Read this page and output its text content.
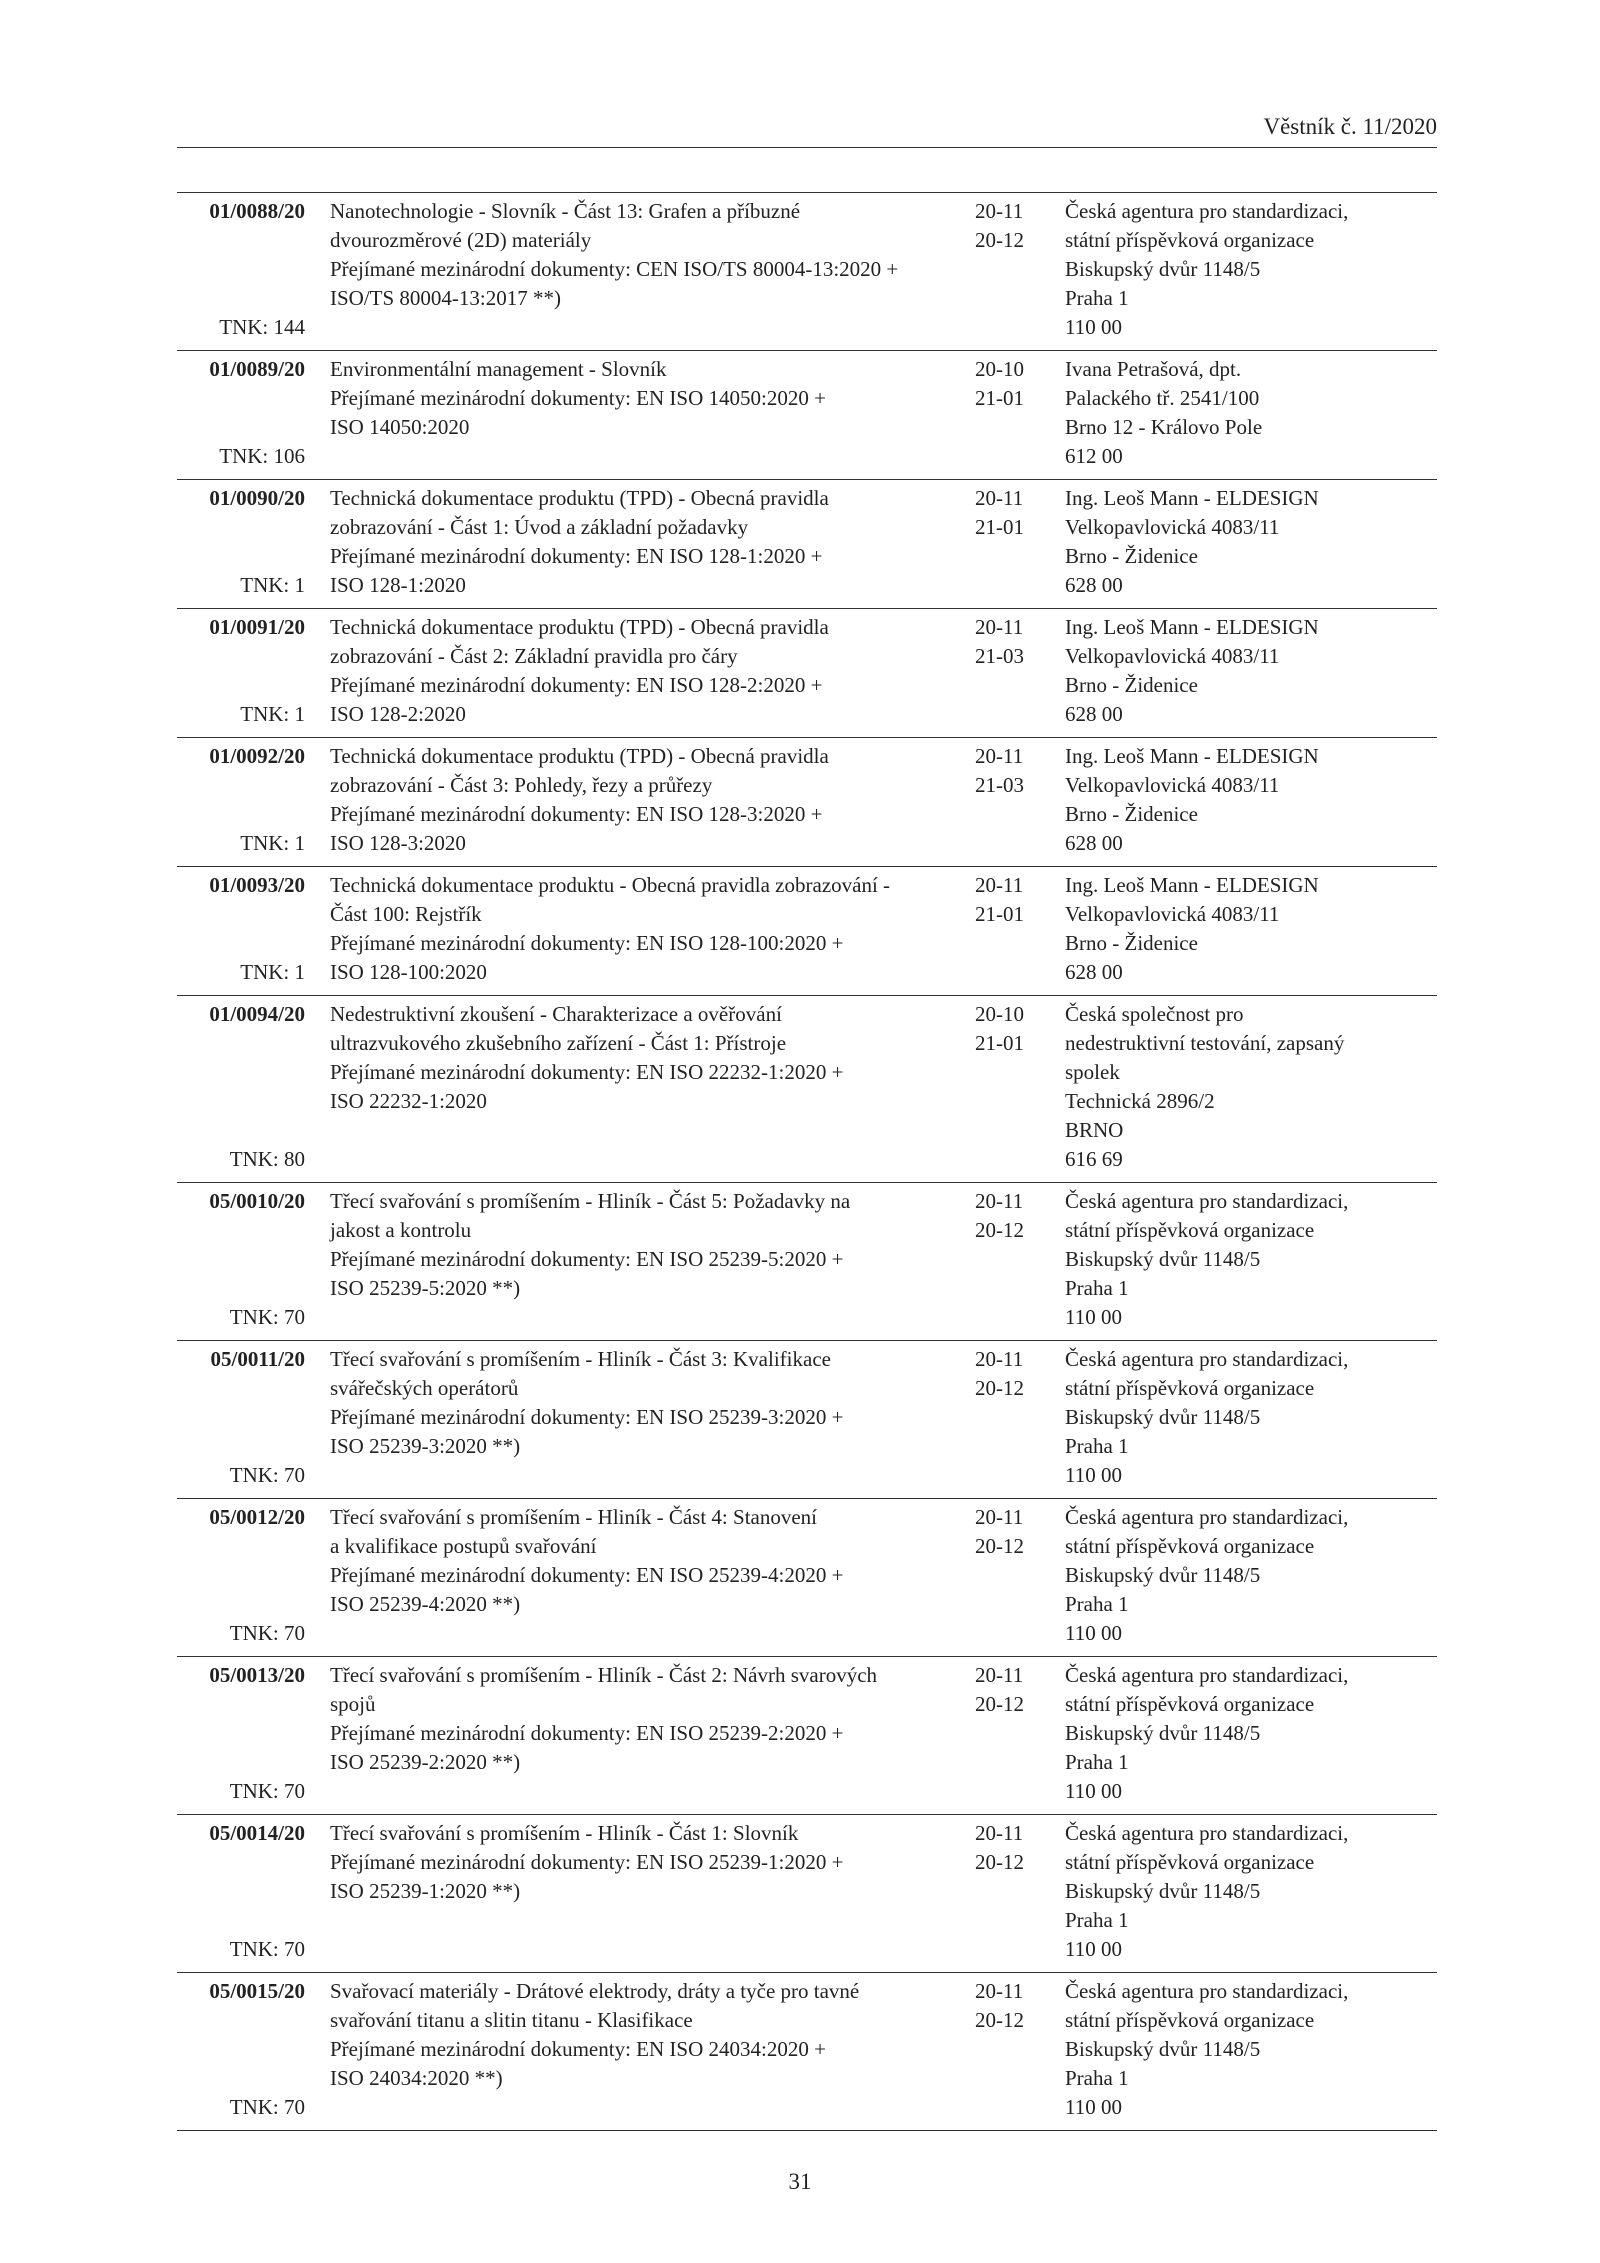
Věstník č. 11/2020
01/0088/20
TNK: 144
Nanotechnologie - Slovník - Část 13: Grafen a příbuzné
dvourozměrové (2D) materiály
Přejímané mezinárodní dokumenty: CEN ISO/TS 80004-13:2020 +
ISO/TS 80004-13:2017 **)
20-11
20-12
Česká agentura pro standardizaci,
státní příspěvková organizace
Biskupský dvůr 1148/5
Praha 1
110 00
01/0089/20
TNK: 106
Environmentální management - Slovník
Přejímané mezinárodní dokumenty: EN ISO 14050:2020 +
ISO 14050:2020
20-10
21-01
Ivana Petrašová, dpt.
Palackého tř. 2541/100
Brno 12 - Královo Pole
612 00
01/0090/20
TNK: 1
Technická dokumentace produktu (TPD) - Obecná pravidla
zobrazování - Část 1: Úvod a základní požadavky
Přejímané mezinárodní dokumenty: EN ISO 128-1:2020 +
ISO 128-1:2020
20-11
21-01
Ing. Leoš Mann - ELDESIGN
Velkopavlovická 4083/11
Brno - Židenice
628 00
01/0091/20
TNK: 1
Technická dokumentace produktu (TPD) - Obecná pravidla
zobrazování - Část 2: Základní pravidla pro čáry
Přejímané mezinárodní dokumenty: EN ISO 128-2:2020 +
ISO 128-2:2020
20-11
21-03
Ing. Leoš Mann - ELDESIGN
Velkopavlovická 4083/11
Brno - Židenice
628 00
01/0092/20
TNK: 1
Technická dokumentace produktu (TPD) - Obecná pravidla
zobrazování - Část 3: Pohledy, řezy a průřezy
Přejímané mezinárodní dokumenty: EN ISO 128-3:2020 +
ISO 128-3:2020
20-11
21-03
Ing. Leoš Mann - ELDESIGN
Velkopavlovická 4083/11
Brno - Židenice
628 00
01/0093/20
TNK: 1
Technická dokumentace produktu - Obecná pravidla zobrazování -
Část 100: Rejstřík
Přejímané mezinárodní dokumenty: EN ISO 128-100:2020 +
ISO 128-100:2020
20-11
21-01
Ing. Leoš Mann - ELDESIGN
Velkopavlovická 4083/11
Brno - Židenice
628 00
01/0094/20
TNK: 80
Nedestruktivní zkoušení - Charakterizace a ověřování
ultrazvukového zkušebního zařízení - Část 1: Přístroje
Přejímané mezinárodní dokumenty: EN ISO 22232-1:2020 +
ISO 22232-1:2020
20-10
21-01
Česká společnost pro
nedestruktivní testování, zapsaný
spolek
Technická 2896/2
BRNO
616 69
05/0010/20
TNK: 70
Třecí svařování s promíšením - Hliník - Část 5: Požadavky na
jakost a kontrolu
Přejímané mezinárodní dokumenty: EN ISO 25239-5:2020 +
ISO 25239-5:2020 **)
20-11
20-12
Česká agentura pro standardizaci,
státní příspěvková organizace
Biskupský dvůr 1148/5
Praha 1
110 00
05/0011/20
TNK: 70
Třecí svařování s promíšením - Hliník - Část 3: Kvalifikace
svářečských operátorů
Přejímané mezinárodní dokumenty: EN ISO 25239-3:2020 +
ISO 25239-3:2020 **)
20-11
20-12
Česká agentura pro standardizaci,
státní příspěvková organizace
Biskupský dvůr 1148/5
Praha 1
110 00
05/0012/20
TNK: 70
Třecí svařování s promíšením - Hliník - Část 4: Stanovení
a kvalifikace postupů svařování
Přejímané mezinárodní dokumenty: EN ISO 25239-4:2020 +
ISO 25239-4:2020 **)
20-11
20-12
Česká agentura pro standardizaci,
státní příspěvková organizace
Biskupský dvůr 1148/5
Praha 1
110 00
05/0013/20
TNK: 70
Třecí svařování s promíšením - Hliník - Část 2: Návrh svarových
spojů
Přejímané mezinárodní dokumenty: EN ISO 25239-2:2020 +
ISO 25239-2:2020 **)
20-11
20-12
Česká agentura pro standardizaci,
státní příspěvková organizace
Biskupský dvůr 1148/5
Praha 1
110 00
05/0014/20
TNK: 70
Třecí svařování s promíšením - Hliník - Část 1: Slovník
Přejímané mezinárodní dokumenty: EN ISO 25239-1:2020 +
ISO 25239-1:2020 **)
20-11
20-12
Česká agentura pro standardizaci,
státní příspěvková organizace
Biskupský dvůr 1148/5
Praha 1
110 00
05/0015/20
TNK: 70
Svařovací materiály - Drátové elektrody, dráty a tyče pro tavné
svařování titanu a slitin titanu - Klasifikace
Přejímané mezinárodní dokumenty: EN ISO 24034:2020 +
ISO 24034:2020 **)
20-11
20-12
Česká agentura pro standardizaci,
státní příspěvková organizace
Biskupský dvůr 1148/5
Praha 1
110 00
31
